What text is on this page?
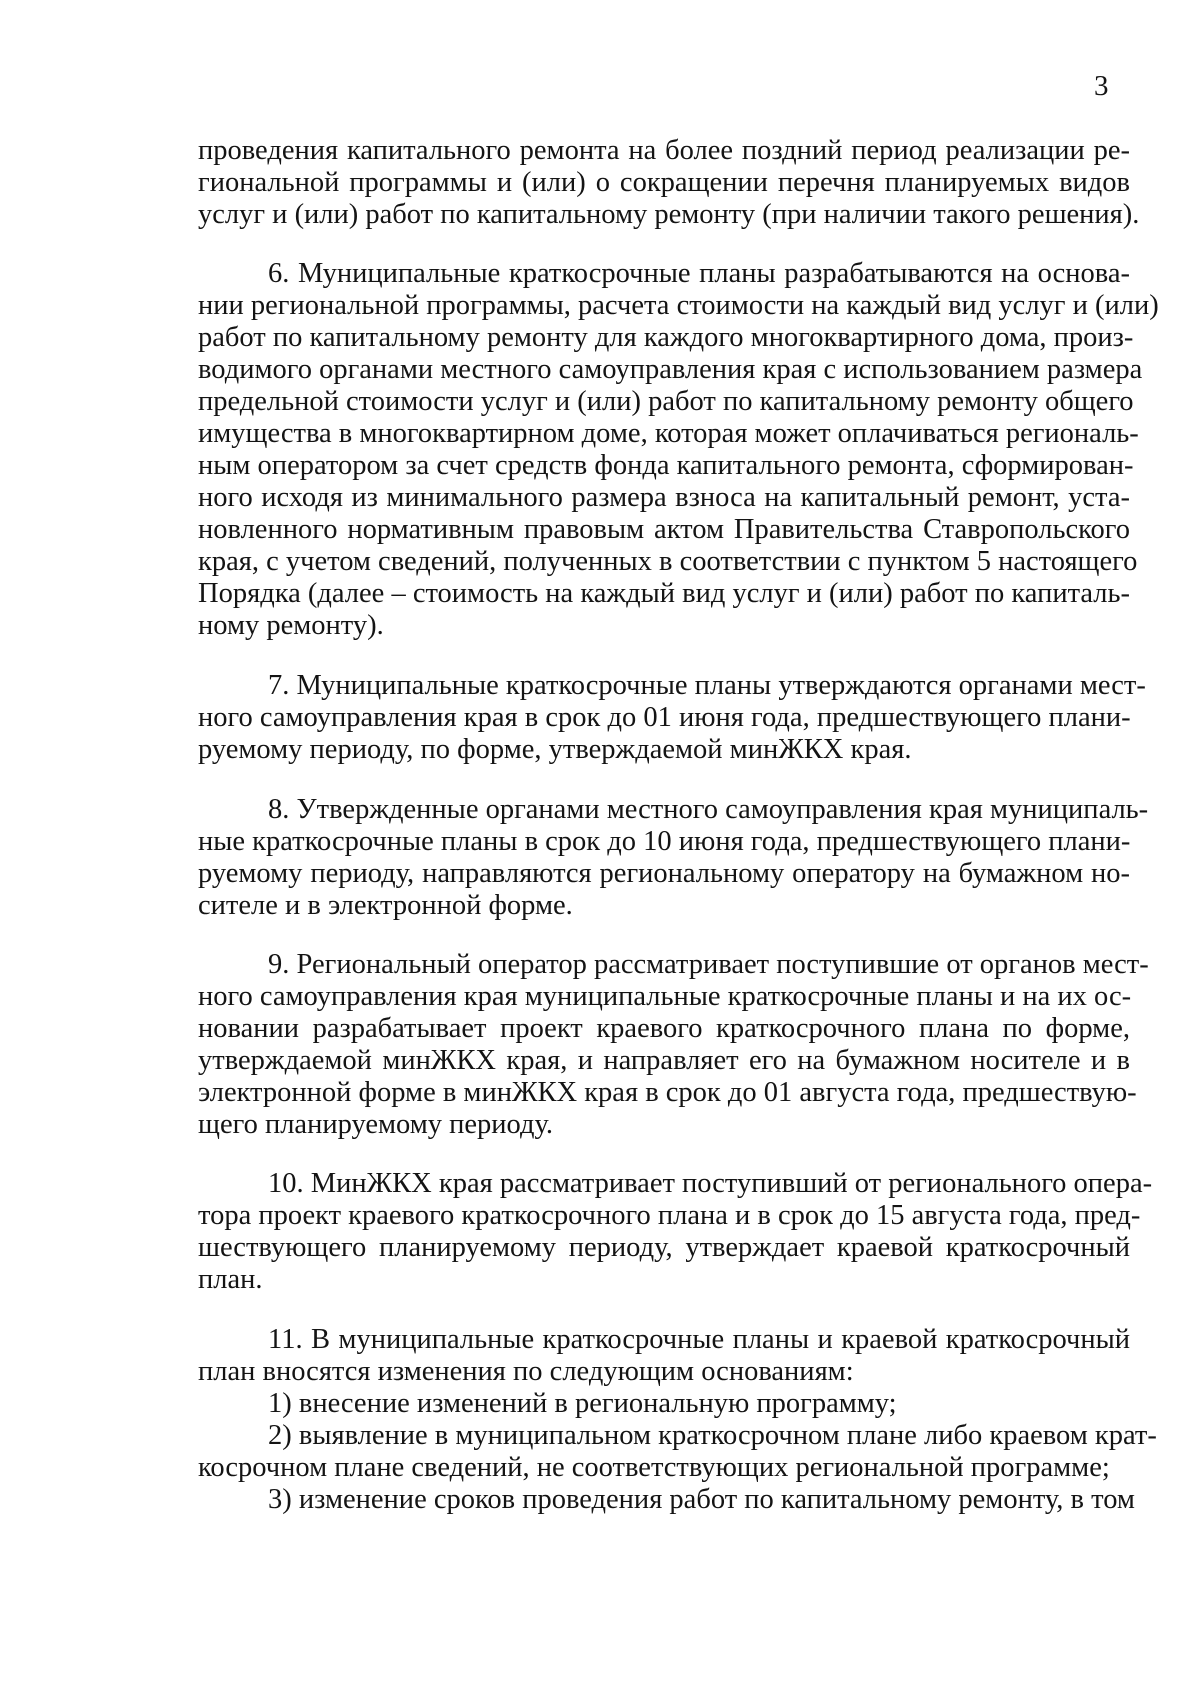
3
проведения капитального ремонта на более поздний период реализации ре-
гиональной программы и (или) о сокращении перечня планируемых видов
услуг и (или) работ по капитальному ремонту (при наличии такого решения).
6. Муниципальные краткосрочные планы разрабатываются на основа-
нии региональной программы, расчета стоимости на каждый вид услуг и (или)
работ по капитальному ремонту для каждого многоквартирного дома, произ-
водимого органами местного самоуправления края с использованием размера
предельной стоимости услуг и (или) работ по капитальному ремонту общего
имущества в многоквартирном доме, которая может оплачиваться региональ-
ным оператором за счет средств фонда капитального ремонта, сформирован-
ного исходя из минимального размера взноса на капитальный ремонт, уста-
новленного нормативным правовым актом Правительства Ставропольского
края, с учетом сведений, полученных в соответствии с пунктом 5 настоящего
Порядка (далее – стоимость на каждый вид услуг и (или) работ по капиталь-
ному ремонту).
7. Муниципальные краткосрочные планы утверждаются органами мест-
ного самоуправления края в срок до 01 июня года, предшествующего плани-
руемому периоду, по форме, утверждаемой минЖКХ края.
8. Утвержденные органами местного самоуправления края муниципаль-
ные краткосрочные планы в срок до 10 июня года, предшествующего плани-
руемому периоду, направляются региональному оператору на бумажном но-
сителе и в электронной форме.
9. Региональный оператор рассматривает поступившие от органов мест-
ного самоуправления края муниципальные краткосрочные планы и на их ос-
новании разрабатывает проект краевого краткосрочного плана по форме,
утверждаемой минЖКХ края, и направляет его на бумажном носителе и в
электронной форме в минЖКХ края в срок до 01 августа года, предшествую-
щего планируемому периоду.
10. МинЖКХ края рассматривает поступивший от регионального опера-
тора проект краевого краткосрочного плана и в срок до 15 августа года, пред-
шествующего планируемому периоду, утверждает краевой краткосрочный
план.
11. В муниципальные краткосрочные планы и краевой краткосрочный
план вносятся изменения по следующим основаниям:
1) внесение изменений в региональную программу;
2) выявление в муниципальном краткосрочном плане либо краевом крат-
косрочном плане сведений, не соответствующих региональной программе;
3) изменение сроков проведения работ по капитальному ремонту, в том
